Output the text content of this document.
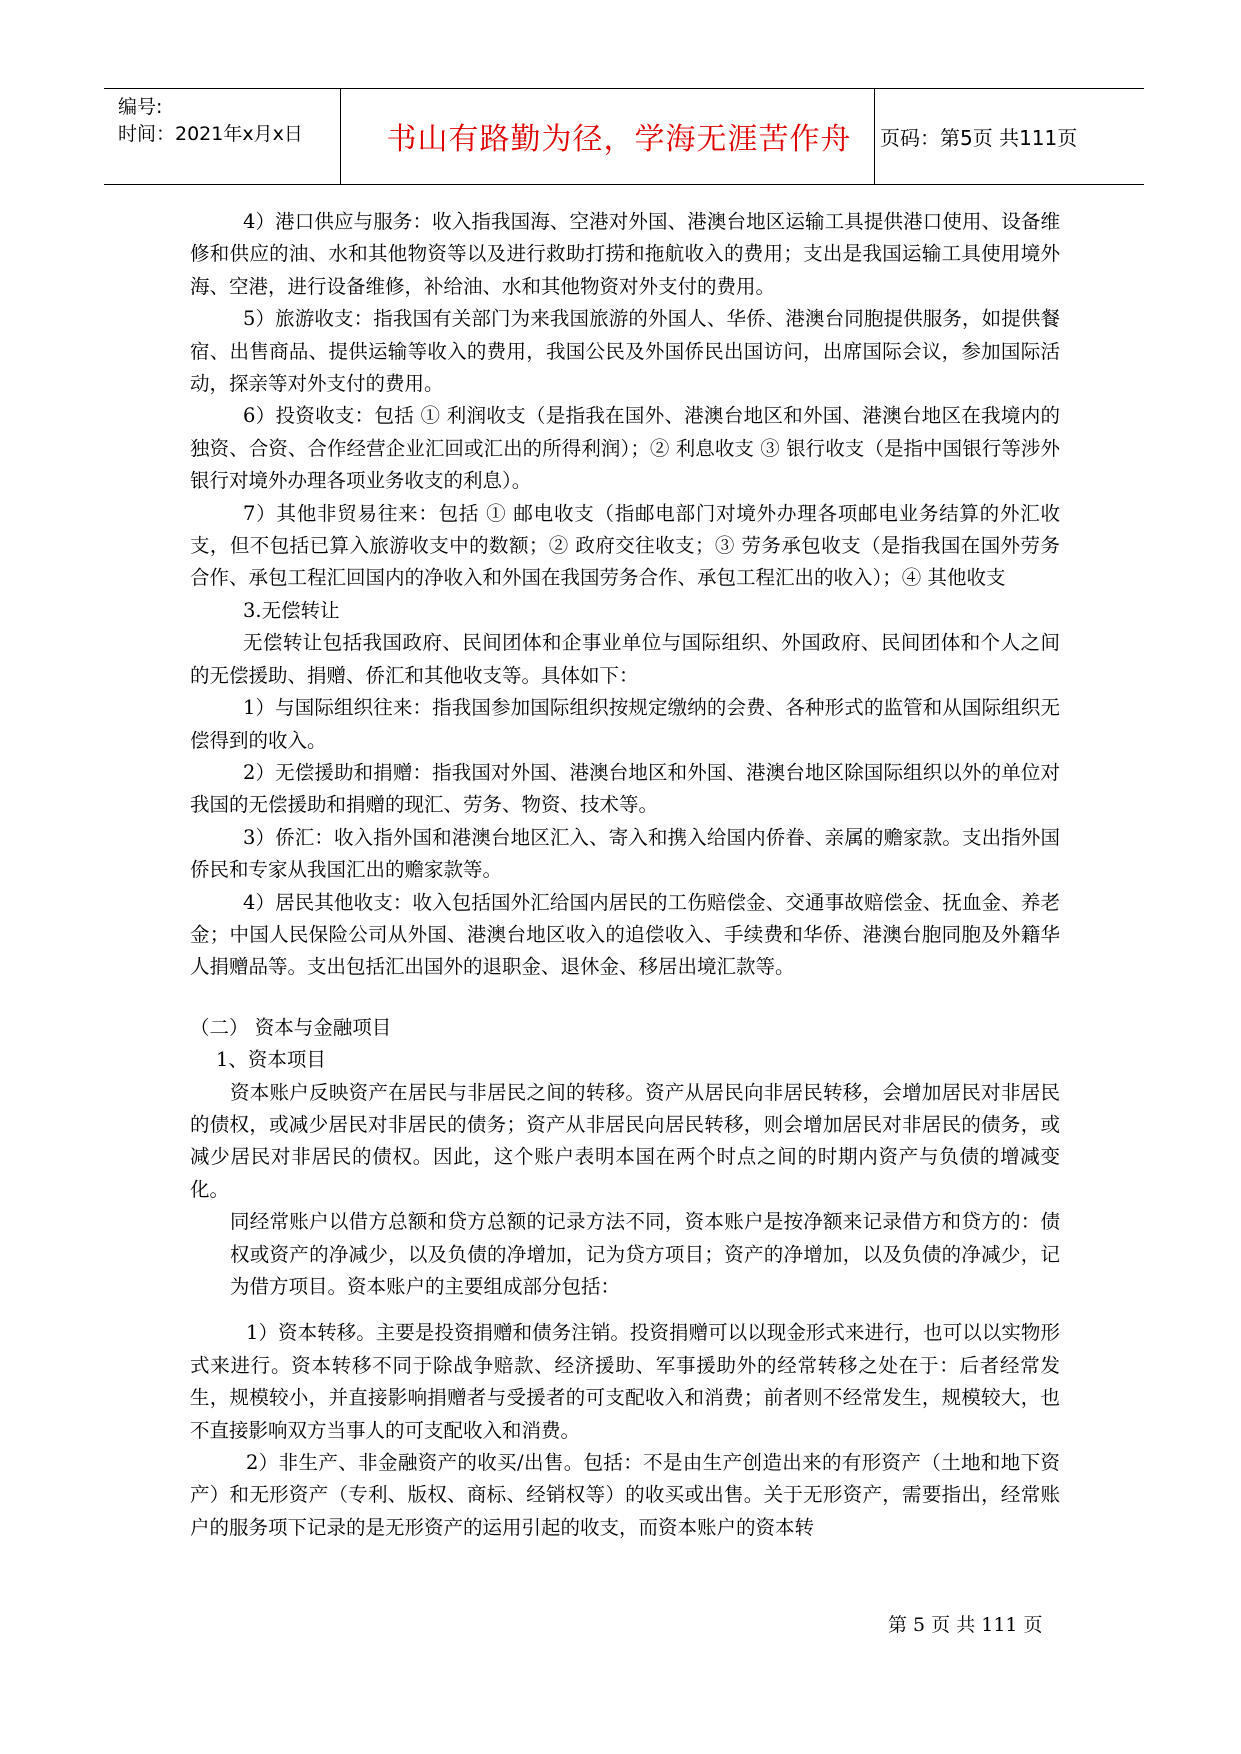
编号:
时间：2021年x月x日	书山有路勤为径，学海无涯苦作舟	页码：第5页 共111页

4）港口供应与服务：收入指我国海、空港对外国、港澳台地区运输工具提供港口使用、设备维修和供应的油、水和其他物资等以及进行救助打捞和拖航收入的费用；支出是我国运输工具使用境外海、空港，进行设备维修，补给油、水和其他物资对外支付的费用。

5）旅游收支：指我国有关部门为来我国旅游的外国人、华侨、港澳台同胞提供服务，如提供餐宿、出售商品、提供运输等收入的费用，我国公民及外国侨民出国访问，出席国际会议，参加国际活动，探亲等对外支付的费用。

6）投资收支：包括 ① 利润收支（是指我在国外、港澳台地区和外国、港澳台地区在我境内的独资、合资、合作经营企业汇回或汇出的所得利润）；② 利息收支 ③ 银行收支（是指中国银行等涉外银行对境外办理各项业务收支的利息）。

7）其他非贸易往来：包括 ① 邮电收支（指邮电部门对境外办理各项邮电业务结算的外汇收支，但不包括已算入旅游收支中的数额；② 政府交往收支；③ 劳务承包收支（是指我国在国外劳务合作、承包工程汇回国内的净收入和外国在我国劳务合作、承包工程汇出的收入）；④ 其他收支

3.无偿转让

无偿转让包括我国政府、民间团体和企事业单位与国际组织、外国政府、民间团体和个人之间的无偿援助、捐赠、侨汇和其他收支等。具体如下：

1）与国际组织往来：指我国参加国际组织按规定缴纳的会费、各种形式的监管和从国际组织无偿得到的收入。

2）无偿援助和捐赠：指我国对外国、港澳台地区和外国、港澳台地区除国际组织以外的单位对我国的无偿援助和捐赠的现汇、劳务、物资、技术等。

3）侨汇：收入指外国和港澳台地区汇入、寄入和携入给国内侨眷、亲属的赡家款。支出指外国侨民和专家从我国汇出的赡家款等。

4）居民其他收支：收入包括国外汇给国内居民的工伤赔偿金、交通事故赔偿金、抚血金、养老金；中国人民保险公司从外国、港澳台地区收入的追偿收入、手续费和华侨、港澳台胞同胞及外籍华人捐赠品等。支出包括汇出国外的退职金、退休金、移居出境汇款等。

（二） 资本与金融项目

1、资本项目

资本账户反映资产在居民与非居民之间的转移。资产从居民向非居民转移，会增加居民对非居民的债权，或减少居民对非居民的债务；资产从非居民向居民转移，则会增加居民对非居民的债务，或减少居民对非居民的债权。因此，这个账户表明本国在两个时点之间的时期内资产与负债的增减变化。

同经常账户以借方总额和贷方总额的记录方法不同，资本账户是按净额来记录借方和贷方的：债权或资产的净减少，以及负债的净增加，记为贷方项目；资产的净增加，以及负债的净减少，记为借方项目。资本账户的主要组成部分包括：

1）资本转移。主要是投资捐赠和债务注销。投资捐赠可以以现金形式来进行，也可以以实物形式来进行。资本转移不同于除战争赔款、经济援助、军事援助外的经常转移之处在于：后者经常发生，规模较小，并直接影响捐赠者与受援者的可支配收入和消费；前者则不经常发生，规模较大，也不直接影响双方当事人的可支配收入和消费。

2）非生产、非金融资产的收买/出售。包括：不是由生产创造出来的有形资产（土地和地下资产）和无形资产（专利、版权、商标、经销权等）的收买或出售。关于无形资产，需要指出，经常账户的服务项下记录的是无形资产的运用引起的收支，而资本账户的资本转

第 5 页 共 111 页
